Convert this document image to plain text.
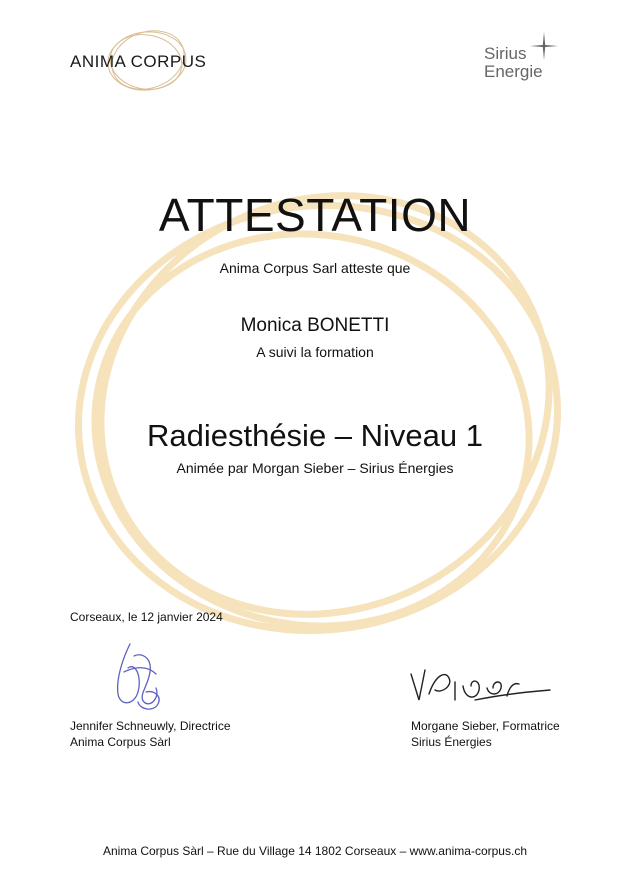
ANIMA CORPUS	Sirius
Energie
ATTESTATION
Anima Corpus Sarl atteste que
Monica BONETTI
A suivi la formation
Radiesthésie – Niveau 1
Animée par Morgan Sieber – Sirius Énergies
Corseaux, le 12 janvier 2024
Jennifer Schneuwly, Directrice
Anima Corpus Sàrl
Morgane Sieber, Formatrice
Sirius Énergies
Anima Corpus Sàrl – Rue du Village 14 1802 Corseaux – www.anima-corpus.ch
